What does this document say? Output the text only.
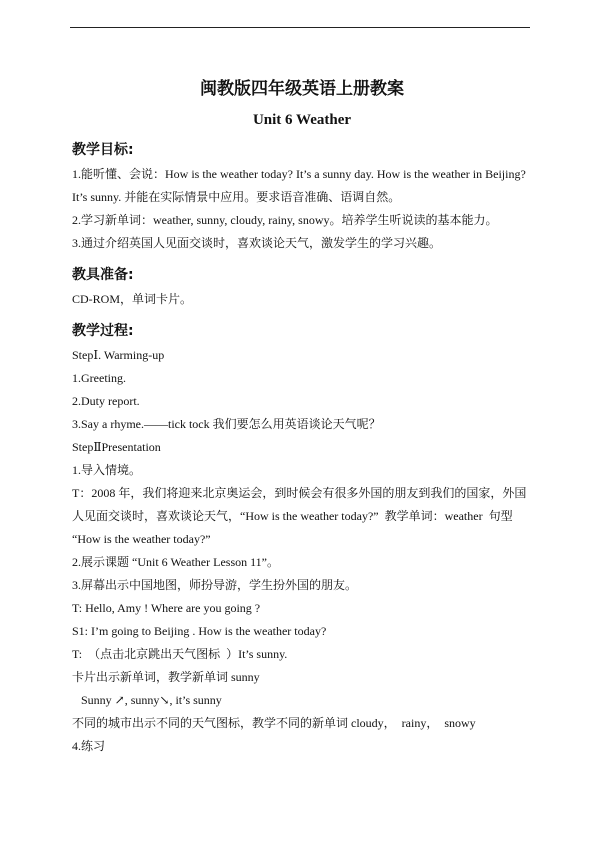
闽教版四年级英语上册教案
Unit 6 Weather
教学目标:

1.能听懂、会说：How is the weather today? It’s a sunny day. How is the weather in Beijing?

It’s sunny. 并能在实际情景中应用。要求语音准确、语调自然。

2.学习新单词：weather, sunny, cloudy, rainy, snowy。培养学生听说读的基本能力。

3.通过介绍英国人见面交谈时，喜欢谈论天气，激发学生的学习兴趣。

教具准备:

CD-ROM，单词卡片。

教学过程:

StepⅠ. Warming-up

1.Greeting.

2.Duty report.

3.Say a rhyme.——tick tock 我们要怎么用英语谈论天气呢？

StepⅡPresentation

1.导入情境。

T：2008 年，我们将迎来北京奥运会，到时候会有很多外国的朋友到我们的国家，外国

人见面交谈时，喜欢谈论天气，“How is the weather today?”  教学单词：weather  句型

“How is the weather today?”

2.展示课题 “Unit 6 Weather Lesson 11”。

3.屏幕出示中国地图，师扮导游，学生扮外国的朋友。

T: Hello, Amy ! Where are you going ?

S1: I’m going to Beijing . How is the weather today?

T:  （点击北京跳出天气图标  ）It’s sunny.

卡片出示新单词，教学新单词 sunny

Sunny ↗, sunny↘, it’s sunny

不同的城市出示不同的天气图标，教学不同的新单词 cloudy，  rainy，  snowy

4.练习
